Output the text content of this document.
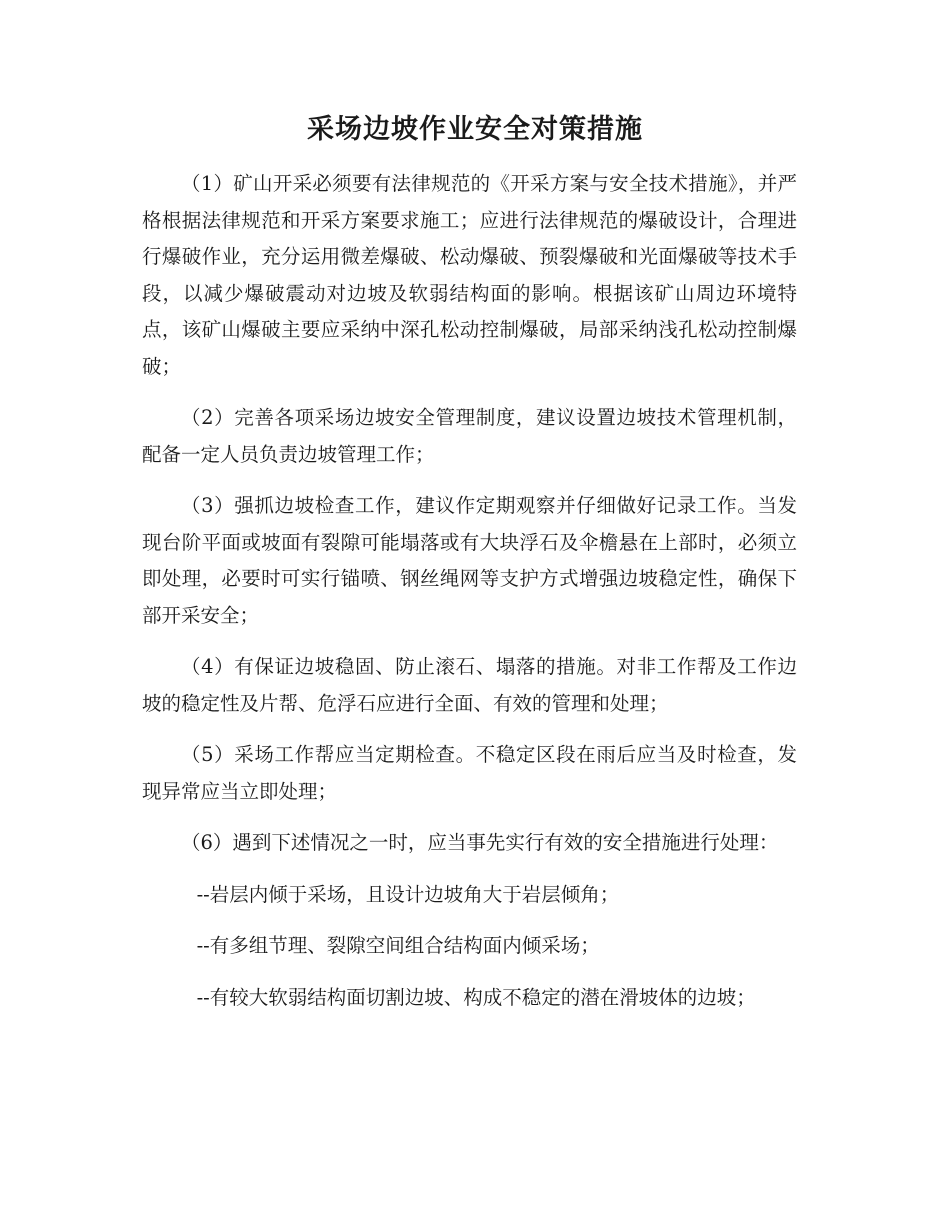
采场边坡作业安全对策措施

（1）矿山开采必须要有法律规范的《开采方案与安全技术措施》，并严格根据法律规范和开采方案要求施工；应进行法律规范的爆破设计，合理进行爆破作业，充分运用微差爆破、松动爆破、预裂爆破和光面爆破等技术手段，以减少爆破震动对边坡及软弱结构面的影响。根据该矿山周边环境特点，该矿山爆破主要应采纳中深孔松动控制爆破，局部采纳浅孔松动控制爆破；

（2）完善各项采场边坡安全管理制度，建议设置边坡技术管理机制，配备一定人员负责边坡管理工作；

（3）强抓边坡检查工作，建议作定期观察并仔细做好记录工作。当发现台阶平面或坡面有裂隙可能塌落或有大块浮石及伞檐悬在上部时，必须立即处理，必要时可实行锚喷、钢丝绳网等支护方式增强边坡稳定性，确保下部开采安全；

（4）有保证边坡稳固、防止滚石、塌落的措施。对非工作帮及工作边坡的稳定性及片帮、危浮石应进行全面、有效的管理和处理；

（5）采场工作帮应当定期检查。不稳定区段在雨后应当及时检查，发现异常应当立即处理；

（6）遇到下述情况之一时，应当事先实行有效的安全措施进行处理：

--岩层内倾于采场，且设计边坡角大于岩层倾角；

--有多组节理、裂隙空间组合结构面内倾采场；

--有较大软弱结构面切割边坡、构成不稳定的潜在滑坡体的边坡；
